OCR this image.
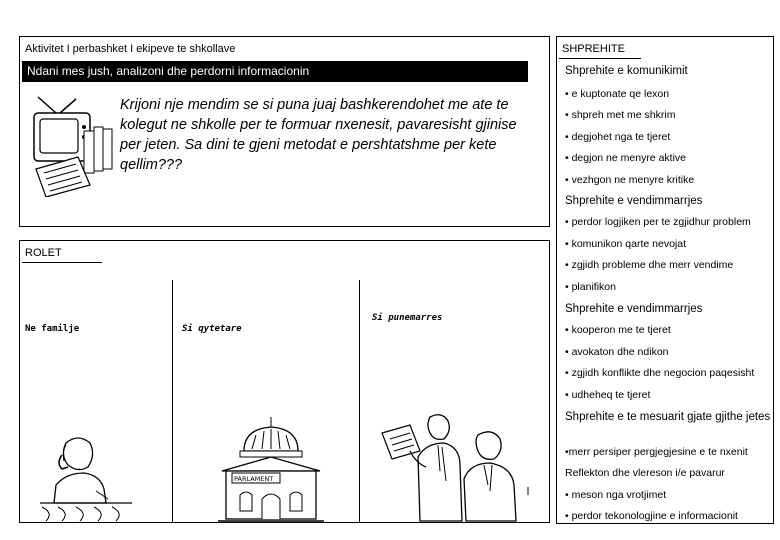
Aktivitet I perbashket I ekipeve te shkollave
Ndani mes jush, analizoni dhe perdorni informacionin
Krijoni nje mendim se si puna juaj bashkerendohet me ate te kolegut ne shkolle per te formuar nxenesit, pavaresisht gjinise per jeten. Sa dini te gjeni metodat e pershtatshme per kete qellim???
ROLET
Ne familje	Si qytetare
Si punemarres
PARLAMENT
SHPREHITE
Shprehite e komunikimit
• e kuptonate qe lexon
• shpreh met me shkrim
• degjohet nga te tjeret
• degjon ne menyre aktive
• vezhgon ne menyre kritike
Shprehite e vendimmarrjes
• perdor logjiken per te zgjidhur problem
• komunikon qarte nevojat
• zgjidh probleme dhe merr vendime
• planifikon
Shprehite e vendimmarrjes
• kooperon me te tjeret
• avokaton dhe ndikon
• zgjidh konflikte dhe negocion paqesisht
• udheheq te tjeret
Shprehite e te mesuarit gjate gjithe jetes
•merr persiper pergjegjesine e te nxenit
Reflekton dhe vlereson i/e pavarur
• meson nga vrotjimet
• perdor tekonologjine e informacionit
